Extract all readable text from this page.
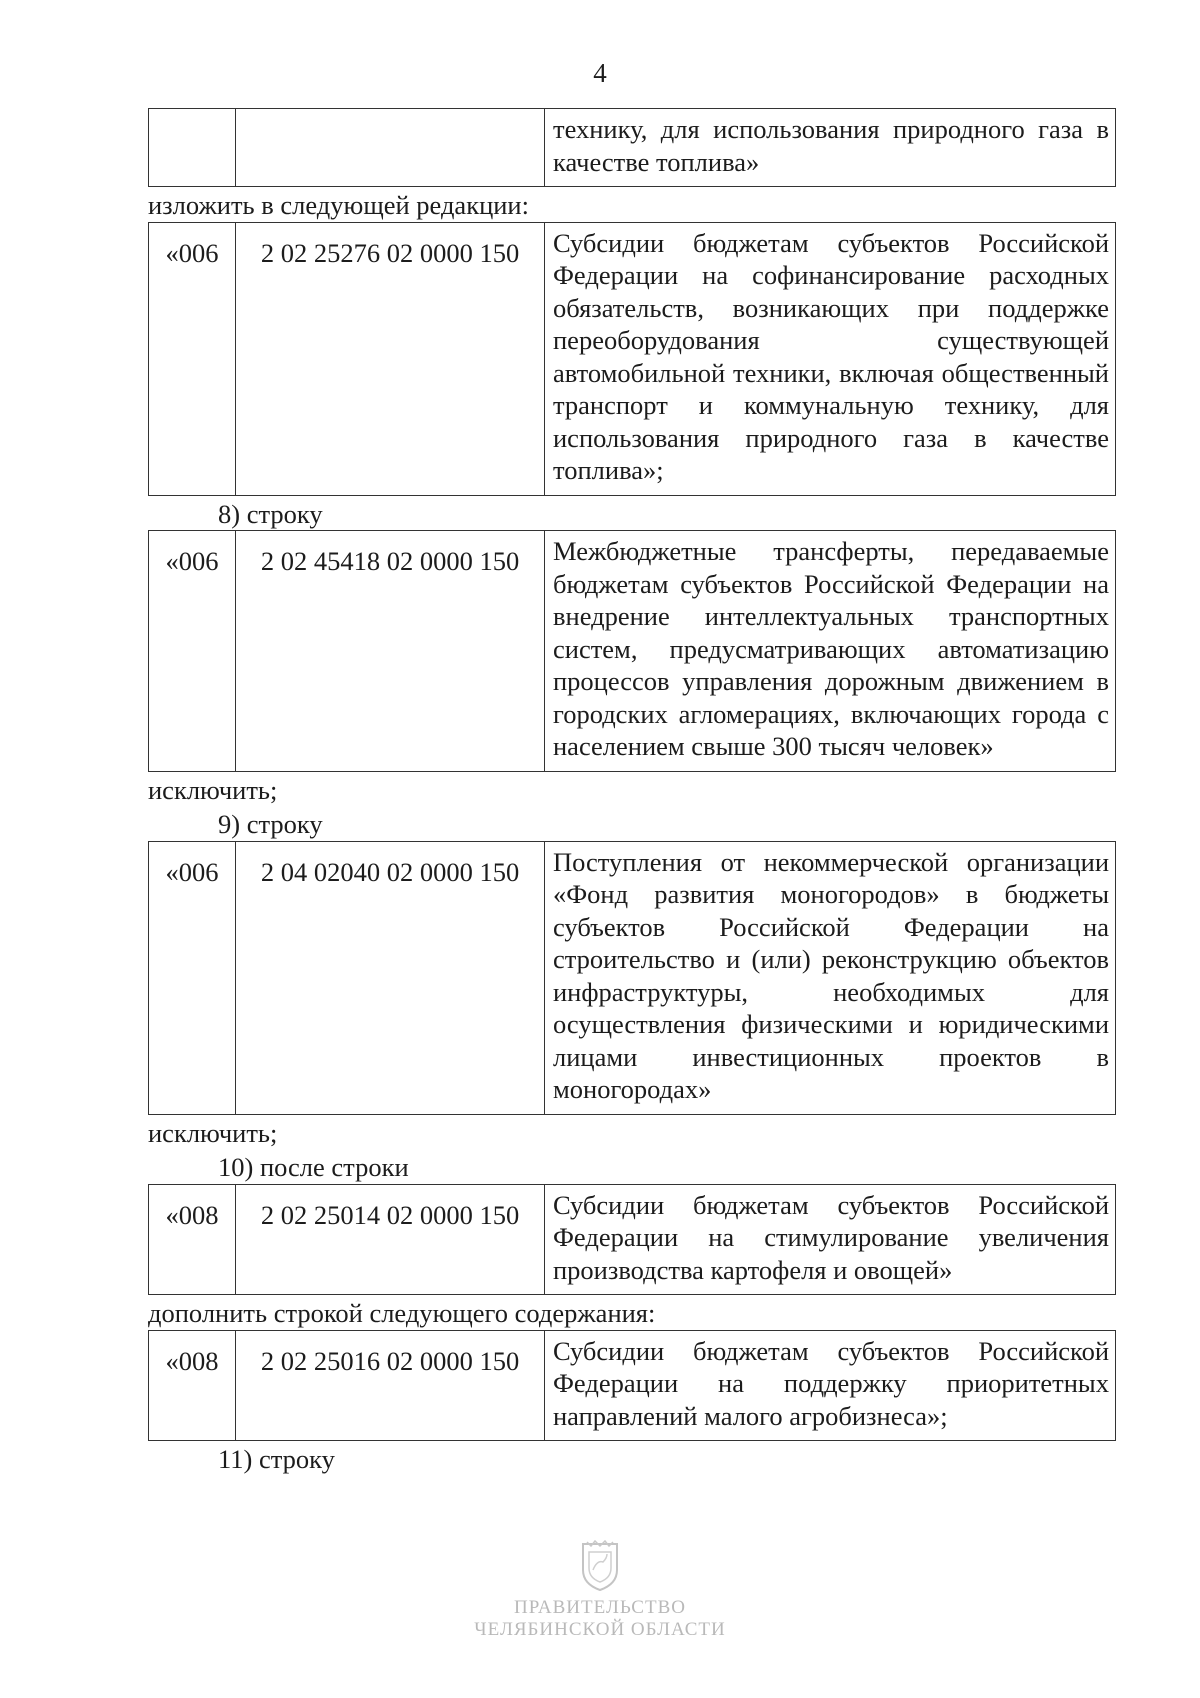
4
		технику, для использования природного газа в качестве топлива»

изложить в следующей редакции:

«006	2 02 25276 02 0000 150	Субсидии бюджетам субъектов Российской Федерации на софинансирование расходных обязательств, возникающих при поддержке переоборудования существующей автомобильной техники, включая общественный транспорт и коммунальную технику, для использования природного газа в качестве топлива»;

8) строку

«006	2 02 45418 02 0000 150	Межбюджетные трансферты, передаваемые бюджетам субъектов Российской Федерации на внедрение интеллектуальных транспортных систем, предусматривающих автоматизацию процессов управления дорожным движением в городских агломерациях, включающих города с населением свыше 300 тысяч человек»

исключить;

9) строку

«006	2 04 02040 02 0000 150	Поступления от некоммерческой организации «Фонд развития моногородов» в бюджеты субъектов Российской Федерации на строительство и (или) реконструкцию объектов инфраструктуры, необходимых для осуществления физическими и юридическими лицами инвестиционных проектов в моногородах»

исключить;

10) после строки

«008	2 02 25014 02 0000 150	Субсидии бюджетам субъектов Российской Федерации на стимулирование увеличения производства картофеля и овощей»

дополнить строкой следующего содержания:

«008	2 02 25016 02 0000 150	Субсидии бюджетам субъектов Российской Федерации на поддержку приоритетных направлений малого агробизнеса»;

11) строку

ПРАВИТЕЛЬСТВО
ЧЕЛЯБИНСКОЙ ОБЛАСТИ
